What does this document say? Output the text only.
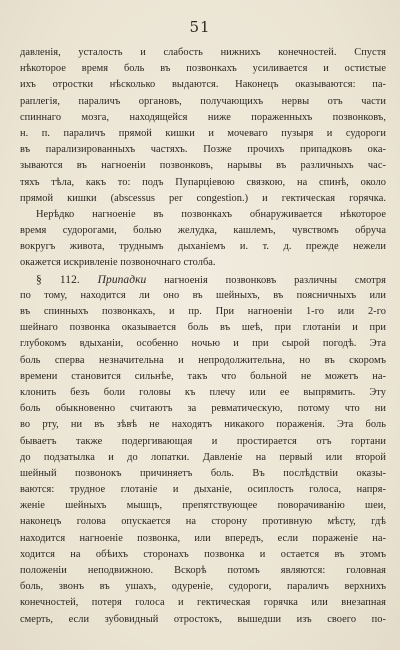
51
давленія, усталость и слабость нижнихъ конечностей. Спустя
нѣкоторое время боль въ позвонкахъ усиливается и остистые
ихъ отростки нѣсколько выдаются. Наконецъ оказываются: па-
раплегія, параличъ органовъ, получающихъ нервы отъ части
спиннаго мозга, находящейся ниже пораженныхъ позвонковъ,
н. п. параличъ прямой кишки и мочеваго пузыря и судороги
въ парализированныхъ частяхъ. Позже прочихъ припадковъ ока-
зываются въ нагноеніи позвонковъ, нарывы въ различныхъ час-
тяхъ тѣла, какъ то: подъ Пупарціевою связкою, на спинѣ, около
прямой кишки (abscessus per congestion.) и гектическая горячка.
Нерѣдко нагноеніе въ позвонкахъ обнаруживается нѣкоторое
время судорогами, болью желудка, кашлемъ, чувствомъ обруча
вокругъ живота, труднымъ дыханіемъ и. т. д. прежде нежели
окажется искривленіе позвоночнаго столба.
§ 112. Припадки нагноенія позвонковъ различны смотря
по тому, находится ли оно въ шейныхъ, въ поясничныхъ или
въ спинныхъ позвонкахъ, и пр. При нагноеніи 1-го или 2-го
шейнаго позвонка оказывается боль въ шеѣ, при глотаніи и при
глубокомъ вдыханіи, особенно ночью и при сырой погодѣ. Эта
боль сперва незначительна и непродолжительна, но въ скоромъ
времени становится сильнѣе, такъ что больной не можетъ на-
клонить безъ боли головы къ плечу или ее выпрямить. Эту
боль обыкновенно считаютъ за ревматическую, потому что ни
во рту, ни въ зѣвѣ не находятъ никакого пораженія. Эта боль
бываетъ также подергивающая и простирается отъ гортани
до подзатылка и до лопатки. Давленіе на первый или второй
шейный позвонокъ причиняетъ боль. Въ послѣдствіи оказы-
ваются: трудное глотаніе и дыханіе, осиплость голоса, напря-
женіе шейныхъ мышцъ, препятствующее поворачиванію шеи,
наконецъ голова опускается на сторону противную мѣсту, гдѣ
находится нагноеніе позвонка, или впередъ, если пораженіе на-
ходится на обѣихъ сторонахъ позвонка и остается въ этомъ
положеніи неподвижною. Вскорѣ потомъ являются: головная
боль, звонъ въ ушахъ, одуреніе, судороги, параличъ верхнихъ
конечностей, потеря голоса и гектическая горячка или внезапная
смерть, если зубовидный отростокъ, вышедши изъ своего по-
